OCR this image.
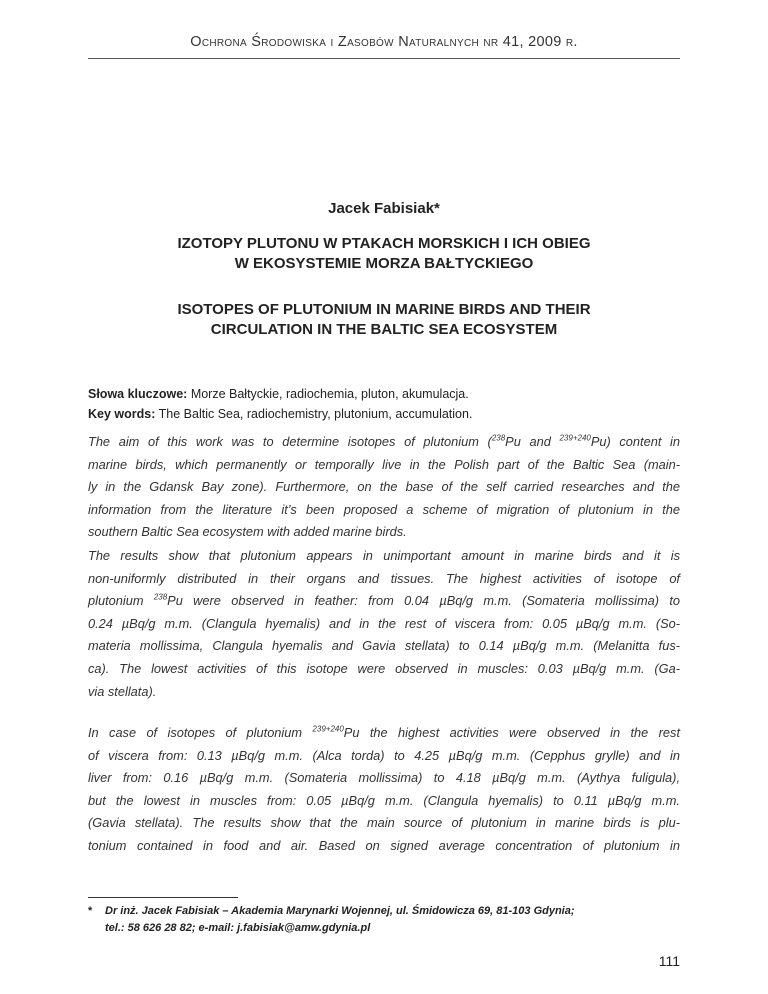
Ochrona Środowiska i Zasobów Naturalnych nr 41, 2009 r.
Jacek Fabisiak*
IZOTOPY PLUTONU W PTAKACH MORSKICH I ICH OBIEG
W EKOSYSTEMIE MORZA BAŁTYCKIEGO
ISOTOPES OF PLUTONIUM IN MARINE BIRDS AND THEIR
CIRCULATION IN THE BALTIC SEA ECOSYSTEM
Słowa kluczowe: Morze Bałtyckie, radiochemia, pluton, akumulacja.
Key words: The Baltic Sea, radiochemistry, plutonium, accumulation.
The aim of this work was to determine isotopes of plutonium ($^{238}$Pu and $^{239+240}$Pu) content in
marine birds, which permanently or temporally live in the Polish part of the Baltic Sea (main-
ly in the Gdansk Bay zone). Furthermore, on the base of the self carried researches and the
information from the literature it’s been proposed a scheme of migration of plutonium in the
southern Baltic Sea ecosystem with added marine birds.
The results show that plutonium appears in unimportant amount in marine birds and it is
non-uniformly distributed in their organs and tissues. The highest activities of isotope of
plutonium $^{238}$Pu were observed in feather: from 0.04 µBq/g m.m. (Somateria mollissima) to
0.24 µBq/g m.m. (Clangula hyemalis) and in the rest of viscera from: 0.05 µBq/g m.m. (So-
materia mollissima, Clangula hyemalis and Gavia stellata) to 0.14 µBq/g m.m. (Melanitta fus-
ca). The lowest activities of this isotope were observed in muscles: 0.03 µBq/g m.m. (Ga-
via stellata).
In case of isotopes of plutonium $^{239+240}$Pu the highest activities were observed in the rest
of viscera from: 0.13 µBq/g m.m. (Alca torda) to 4.25 µBq/g m.m. (Cepphus grylle) and in
liver from: 0.16 µBq/g m.m. (Somateria mollissima) to 4.18 µBq/g m.m. (Aythya fuligula),
but the lowest in muscles from: 0.05 µBq/g m.m. (Clangula hyemalis) to 0.11 µBq/g m.m.
(Gavia stellata). The results show that the main source of plutonium in marine birds is plu-
tonium contained in food and air. Based on signed average concentration of plutonium in
*	Dr inż. Jacek Fabisiak – Akademia Marynarki Wojennej, ul. Śmidowicza 69, 81-103 Gdynia;
tel.: 58 626 28 82; e-mail: j.fabisiak@amw.gdynia.pl
111
